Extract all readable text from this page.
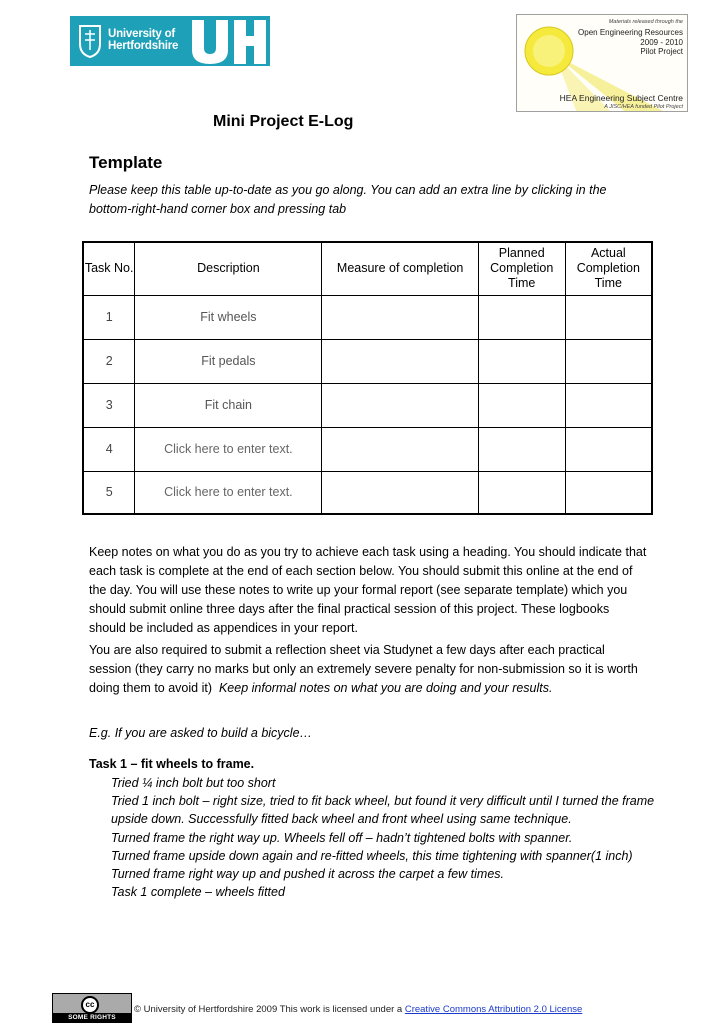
University of
Hertfordshire
Materials released through the
Open Engineering Resources
2009 - 2010
Pilot Project
HEA Engineering Subject Centre
A JISC/HEA funded Pilot Project
Mini Project E-Log
Template
Please keep this table up-to-date as you go along. You can add an extra line by clicking in the bottom-right-hand corner box and pressing tab
Task No.	Description	Measure of completion	Planned Completion Time	Actual Completion Time
1	Fit wheels			
2	Fit pedals			
3	Fit chain			
4	Click here to enter text.			
5	Click here to enter text.			
Keep notes on what you do as you try to achieve each task using a heading. You should indicate that each task is complete at the end of each section below. You should submit this online at the end of the day. You will use these notes to write up your formal report (see separate template) which you should submit online three days after the final practical session of this project. These logbooks should be included as appendices in your report.
You are also required to submit a reflection sheet via Studynet a few days after each practical session (they carry no marks but only an extremely severe penalty for non-submission so it is worth doing them to avoid it) Keep informal notes on what you are doing and your results.
E.g. If you are asked to build a bicycle…
Task 1 – fit wheels to frame.
Tried ¼ inch bolt but too short
Tried 1 inch bolt – right size, tried to fit back wheel, but found it very difficult until I turned the frame upside down. Successfully fitted back wheel and front wheel using same technique.
Turned frame the right way up. Wheels fell off – hadn’t tightened bolts with spanner.
Turned frame upside down again and re-fitted wheels, this time tightening with spanner(1 inch)
Turned frame right way up and pushed it across the carpet a few times.
Task 1 complete – wheels fitted
cc
SOME RIGHTS RESERVED
© University of Hertfordshire 2009 This work is licensed under a Creative Commons Attribution 2.0 License
